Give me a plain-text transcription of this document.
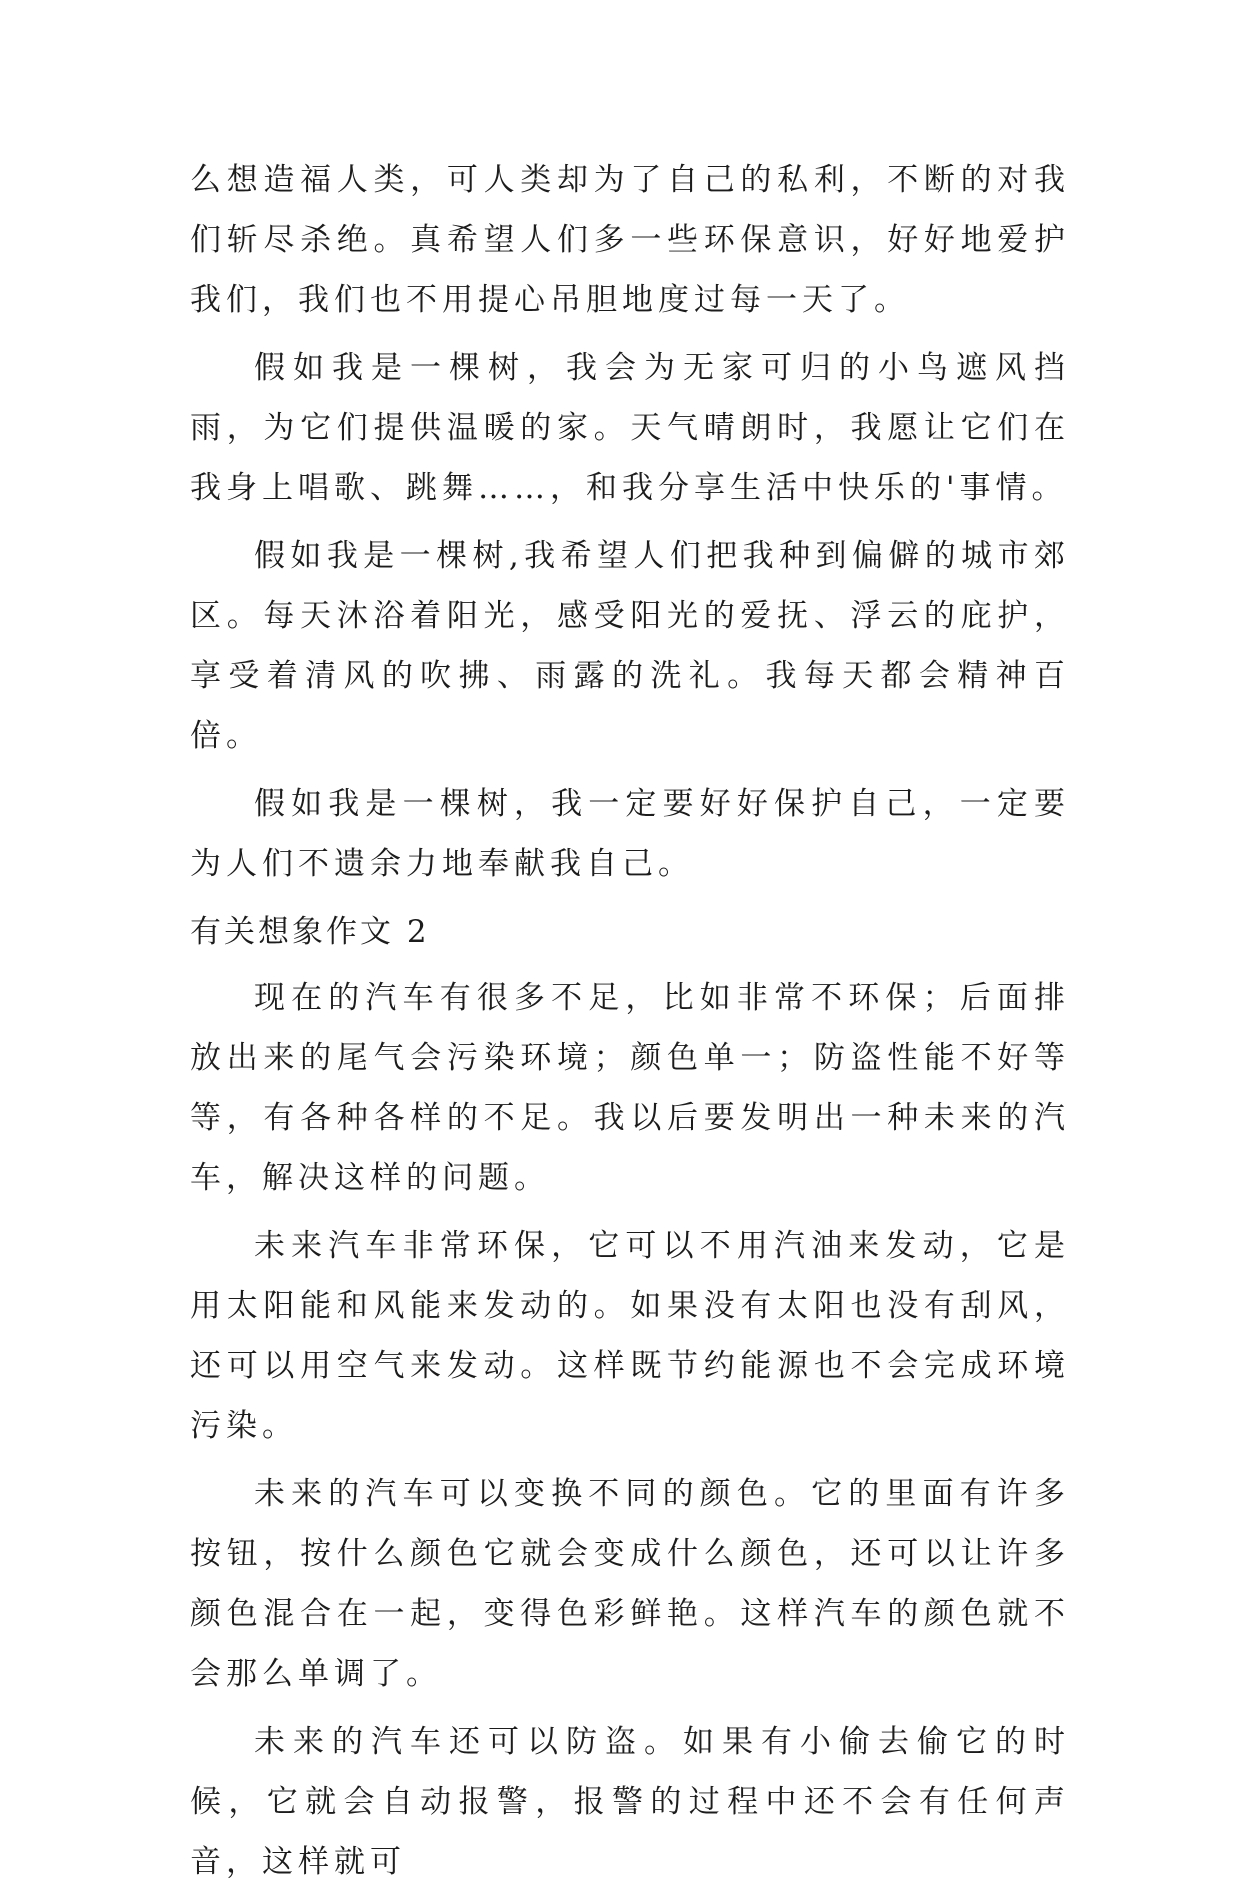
么想造福人类，可人类却为了自己的私利，不断的对我们斩尽杀绝。真希望人们多一些环保意识，好好地爱护我们，我们也不用提心吊胆地度过每一天了。

假如我是一棵树，我会为无家可归的小鸟遮风挡雨，为它们提供温暖的家。天气晴朗时，我愿让它们在我身上唱歌、跳舞……，和我分享生活中快乐的'事情。

假如我是一棵树,我希望人们把我种到偏僻的城市郊区。每天沐浴着阳光，感受阳光的爱抚、浮云的庇护，享受着清风的吹拂、雨露的洗礼。我每天都会精神百倍。

假如我是一棵树，我一定要好好保护自己，一定要为人们不遗余力地奉献我自己。

有关想象作文 2

现在的汽车有很多不足，比如非常不环保；后面排放出来的尾气会污染环境；颜色单一；防盗性能不好等等，有各种各样的不足。我以后要发明出一种未来的汽车，解决这样的问题。

未来汽车非常环保，它可以不用汽油来发动，它是用太阳能和风能来发动的。如果没有太阳也没有刮风，还可以用空气来发动。这样既节约能源也不会完成环境污染。

未来的汽车可以变换不同的颜色。它的里面有许多按钮，按什么颜色它就会变成什么颜色，还可以让许多颜色混合在一起，变得色彩鲜艳。这样汽车的颜色就不会那么单调了。

未来的汽车还可以防盗。如果有小偷去偷它的时候，它就会自动报警，报警的过程中还不会有任何声音，这样就可
